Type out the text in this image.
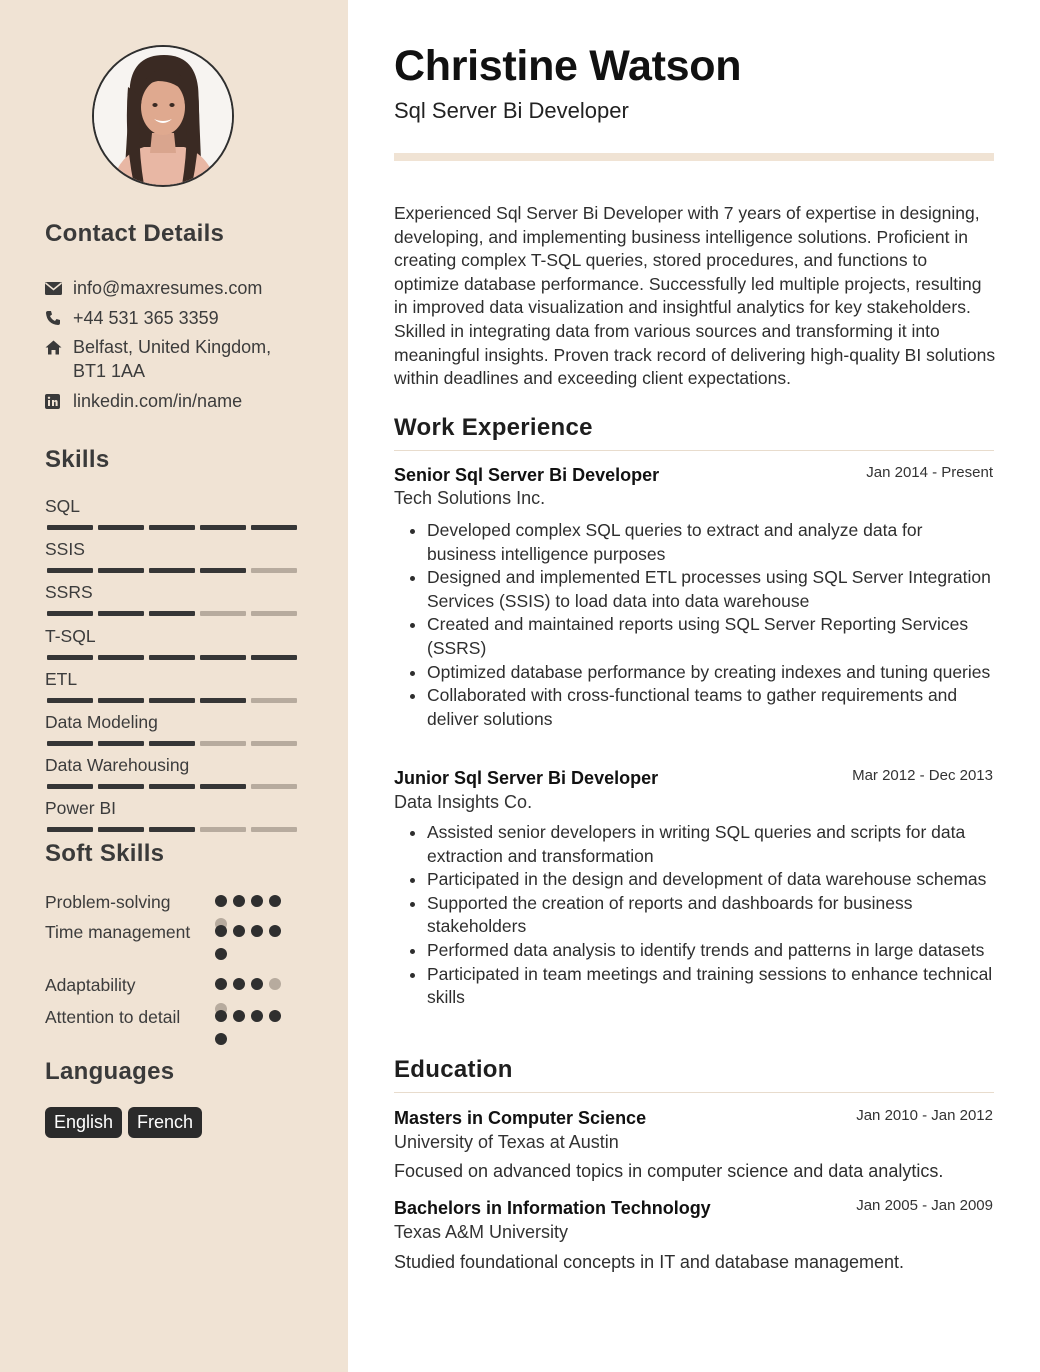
Contact Details
info@maxresumes.com
+44 531 365 3359
Belfast, United Kingdom, BT1 1AA
linkedin.com/in/name
Skills
SQL
SSIS
SSRS
T-SQL
ETL
Data Modeling
Data Warehousing
Power BI
Soft Skills
Problem-solving
Time management
Adaptability
Attention to detail
Languages
English	French
Christine Watson
Sql Server Bi Developer

Experienced Sql Server Bi Developer with 7 years of expertise in designing, developing, and implementing business intelligence solutions. Proficient in creating complex T-SQL queries, stored procedures, and functions to optimize database performance. Successfully led multiple projects, resulting in improved data visualization and insightful analytics for key stakeholders. Skilled in integrating data from various sources and transforming it into meaningful insights. Proven track record of delivering high-quality BI solutions within deadlines and exceeding client expectations.

Work Experience
Senior Sql Server Bi Developer	Jan 2014 - Present
Tech Solutions Inc.
• Developed complex SQL queries to extract and analyze data for business intelligence purposes
• Designed and implemented ETL processes using SQL Server Integration Services (SSIS) to load data into data warehouse
• Created and maintained reports using SQL Server Reporting Services (SSRS)
• Optimized database performance by creating indexes and tuning queries
• Collaborated with cross-functional teams to gather requirements and deliver solutions
Junior Sql Server Bi Developer	Mar 2012 - Dec 2013
Data Insights Co.
• Assisted senior developers in writing SQL queries and scripts for data extraction and transformation
• Participated in the design and development of data warehouse schemas
• Supported the creation of reports and dashboards for business stakeholders
• Performed data analysis to identify trends and patterns in large datasets
• Participated in team meetings and training sessions to enhance technical skills
Education
Masters in Computer Science	Jan 2010 - Jan 2012
University of Texas at Austin
Focused on advanced topics in computer science and data analytics.
Bachelors in Information Technology	Jan 2005 - Jan 2009
Texas A&M University
Studied foundational concepts in IT and database management.
